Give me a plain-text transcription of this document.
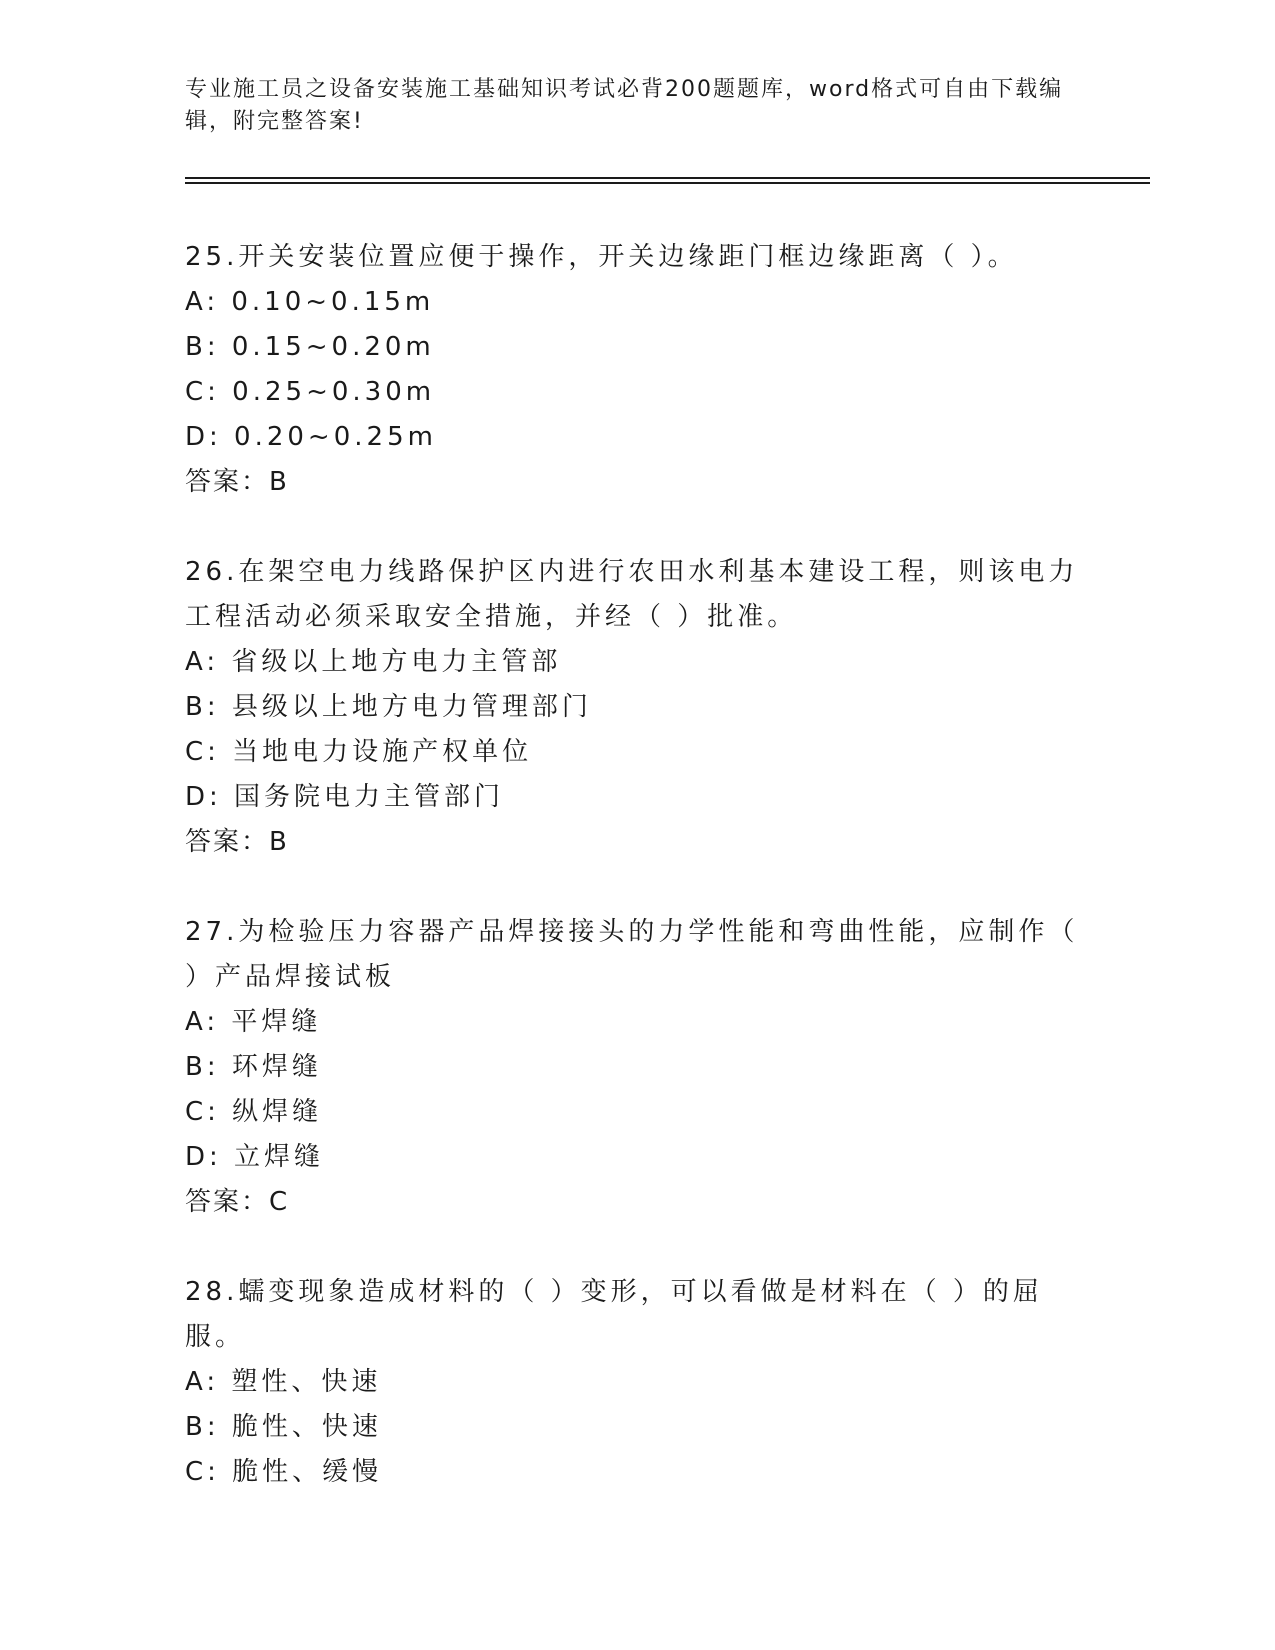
专业施工员之设备安装施工基础知识考试必背200题题库，word格式可自由下载编辑，附完整答案!
25.开关安装位置应便于操作，开关边缘距门框边缘距离（ ）。
A: 0.10~0.15m
B: 0.15~0.20m
C: 0.25~0.30m
D: 0.20~0.25m
答案：B
26.在架空电力线路保护区内进行农田水利基本建设工程，则该电力工程活动必须采取安全措施，并经（ ）批准。
A: 省级以上地方电力主管部
B: 县级以上地方电力管理部门
C: 当地电力设施产权单位
D: 国务院电力主管部门
答案：B
27.为检验压力容器产品焊接接头的力学性能和弯曲性能，应制作（ ）产品焊接试板
A: 平焊缝
B: 环焊缝
C: 纵焊缝
D: 立焊缝
答案：C
28.蠕变现象造成材料的（ ）变形，可以看做是材料在（ ）的屈服。
A: 塑性、快速
B: 脆性、快速
C: 脆性、缓慢
